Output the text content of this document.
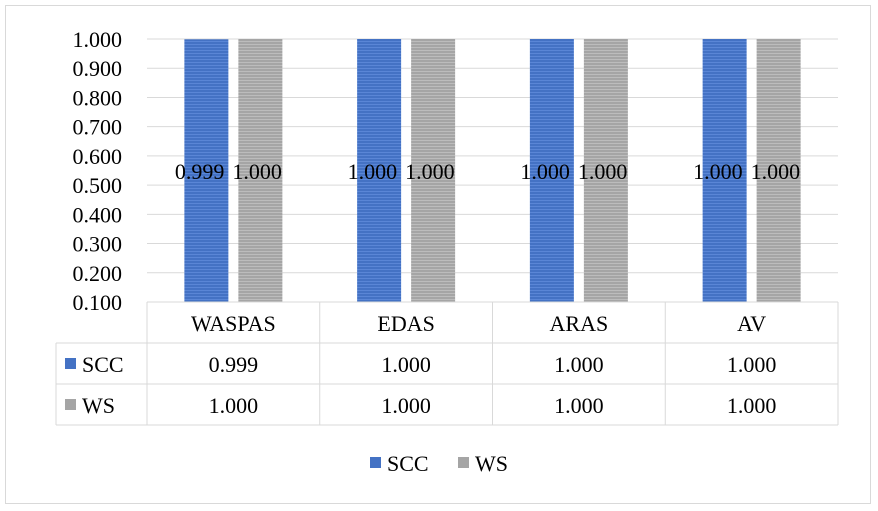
0.100
0.200
0.300
0.400
0.500
0.600
0.700
0.800
0.900
1.000
0.999 1.000	1.000 1.000	1.000 1.000	1.000 1.000
WASPAS	EDAS	ARAS	AV
SCC	0.999	1.000	1.000	1.000
WS	1.000	1.000	1.000	1.000
SCC WS
